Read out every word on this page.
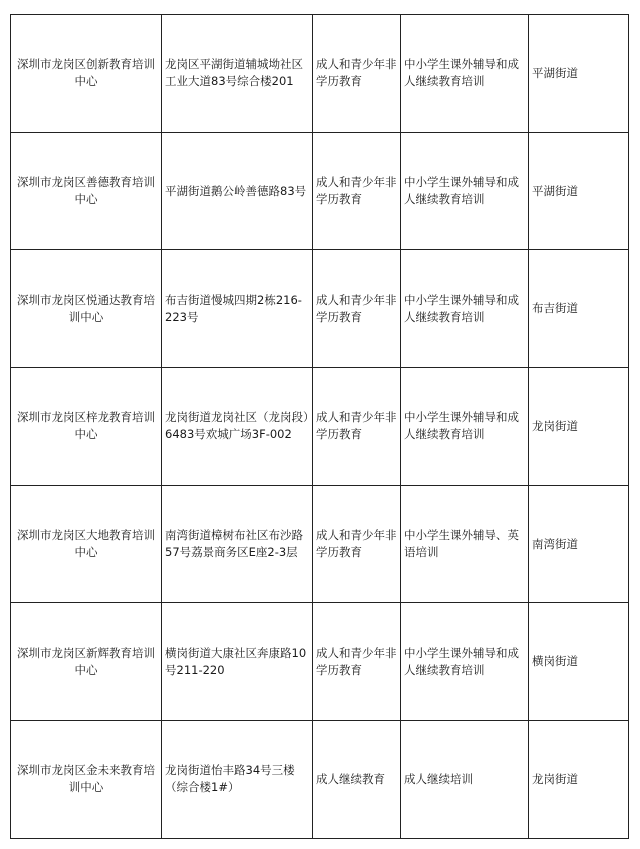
深圳市龙岗区创新教育培训中心	龙岗区平湖街道辅城坳社区工业大道83号综合楼201	成人和青少年非学历教育	中小学生课外辅导和成人继续教育培训	平湖街道
深圳市龙岗区善德教育培训中心	平湖街道鹅公岭善德路83号	成人和青少年非学历教育	中小学生课外辅导和成人继续教育培训	平湖街道
深圳市龙岗区悦通达教育培训中心	布吉街道慢城四期2栋216-223号	成人和青少年非学历教育	中小学生课外辅导和成人继续教育培训	布吉街道
深圳市龙岗区梓龙教育培训中心	龙岗街道龙岗社区（龙岗段）6483号欢城广场3F-002	成人和青少年非学历教育	中小学生课外辅导和成人继续教育培训	龙岗街道
深圳市龙岗区大地教育培训中心	南湾街道樟树布社区布沙路57号荔景商务区E座2-3层	成人和青少年非学历教育	中小学生课外辅导、英语培训	南湾街道
深圳市龙岗区新辉教育培训中心	横岗街道大康社区奔康路10号211-220	成人和青少年非学历教育	中小学生课外辅导和成人继续教育培训	横岗街道
深圳市龙岗区金未来教育培训中心	龙岗街道怡丰路34号三楼（综合楼1#）	成人继续教育	成人继续培训	龙岗街道
